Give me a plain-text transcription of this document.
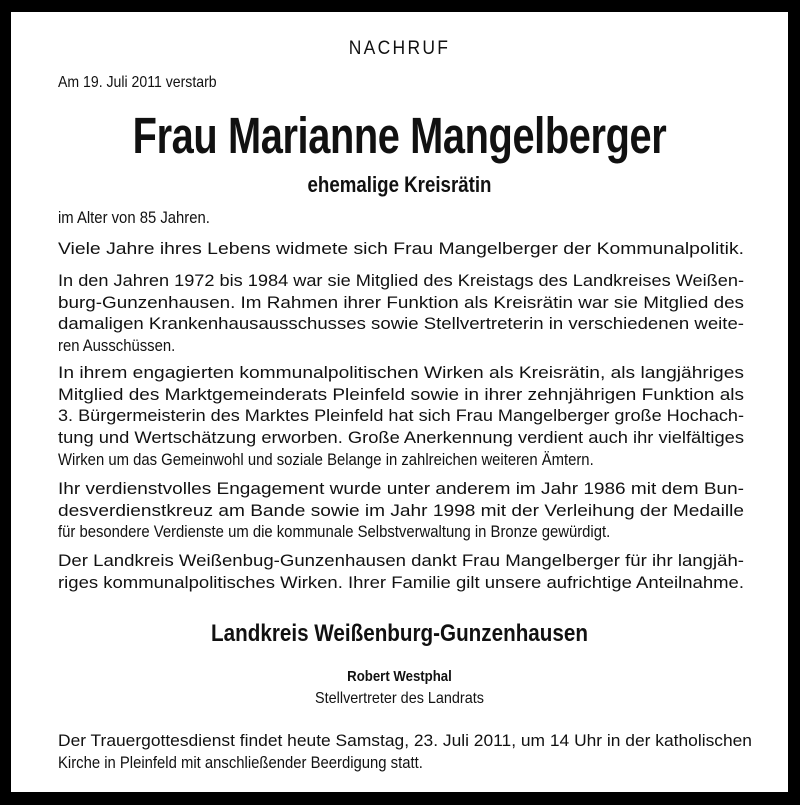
NACHRUF
Am 19. Juli 2011 verstarb
Frau Marianne Mangelberger
ehemalige Kreisrätin
im Alter von 85 Jahren.
Viele Jahre ihres Lebens widmete sich Frau Mangelberger der Kommunalpolitik.
In den Jahren 1972 bis 1984 war sie Mitglied des Kreistags des Landkreises Weißen-
burg-Gunzenhausen. Im Rahmen ihrer Funktion als Kreisrätin war sie Mitglied des
damaligen Krankenhausausschusses sowie Stellvertreterin in verschiedenen weite-
ren Ausschüssen.
In ihrem engagierten kommunalpolitischen Wirken als Kreisrätin, als langjähriges
Mitglied des Marktgemeinderats Pleinfeld sowie in ihrer zehnjährigen Funktion als
3. Bürgermeisterin des Marktes Pleinfeld hat sich Frau Mangelberger große Hochach-
tung und Wertschätzung erworben. Große Anerkennung verdient auch ihr vielfältiges
Wirken um das Gemeinwohl und soziale Belange in zahlreichen weiteren Ämtern.
Ihr verdienstvolles Engagement wurde unter anderem im Jahr 1986 mit dem Bun-
desverdienstkreuz am Bande sowie im Jahr 1998 mit der Verleihung der Medaille
für besondere Verdienste um die kommunale Selbstverwaltung in Bronze gewürdigt.
Der Landkreis Weißenbug-Gunzenhausen dankt Frau Mangelberger für ihr langjäh-
riges kommunalpolitisches Wirken. Ihrer Familie gilt unsere aufrichtige Anteilnahme.
Landkreis Weißenburg-Gunzenhausen
Robert Westphal
Stellvertreter des Landrats
Der Trauergottesdienst findet heute Samstag, 23. Juli 2011, um 14 Uhr in der katholischen
Kirche in Pleinfeld mit anschließender Beerdigung statt.
